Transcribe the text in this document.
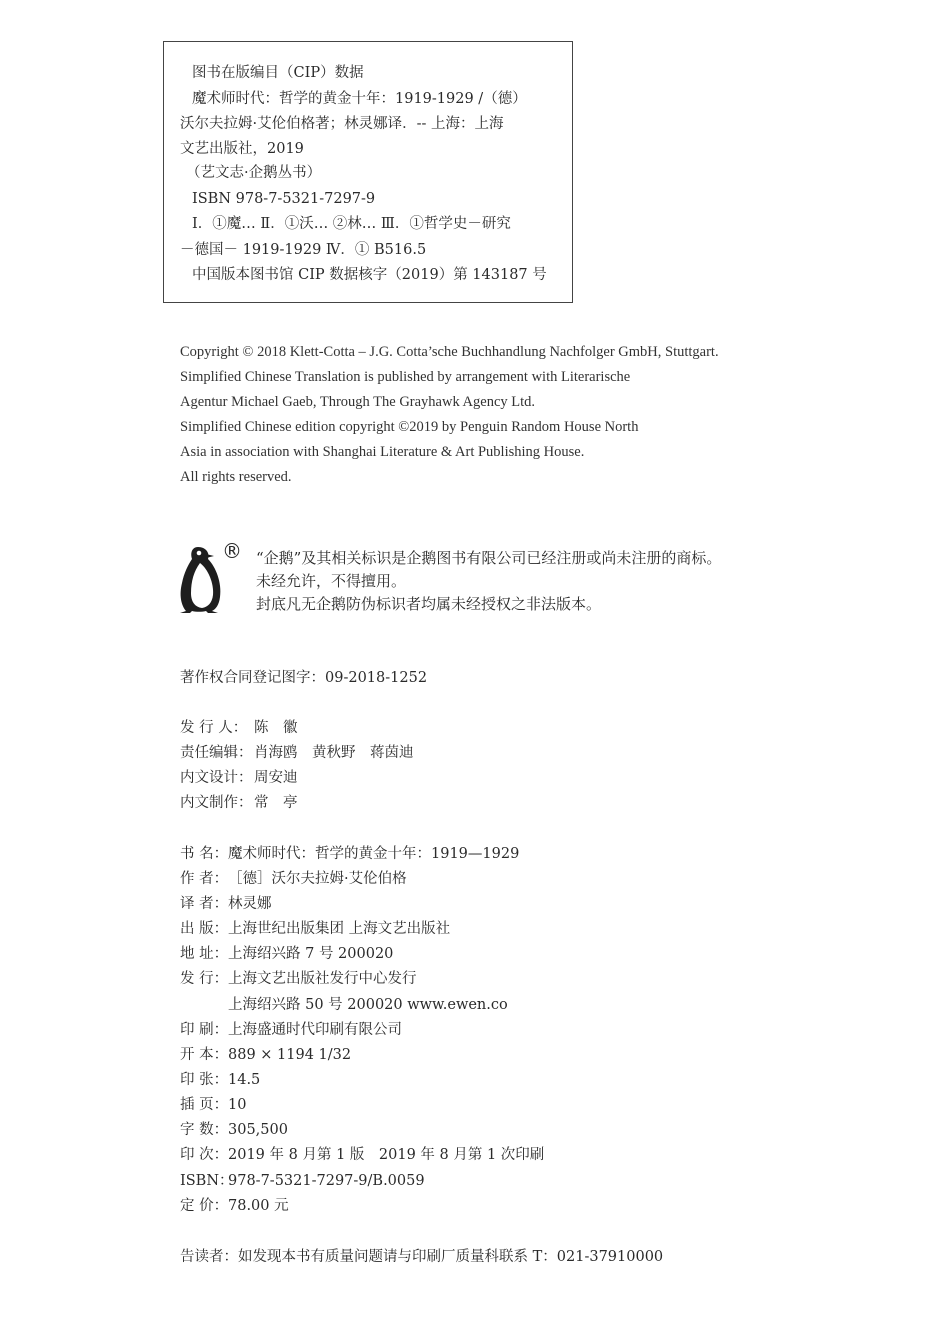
图书在版编目（CIP）数据
魔术师时代：哲学的黄金十年：1919-1929 /（德）
沃尔夫拉姆·艾伦伯格著；林灵娜译．-- 上海：上海
文艺出版社，2019
（艺文志·企鹅丛书）
ISBN 978-7-5321-7297-9
Ⅰ．①魔… Ⅱ．①沃… ②林… Ⅲ．①哲学史－研究
－德国－ 1919-1929 Ⅳ．① B516.5
中国版本图书馆 CIP 数据核字（2019）第 143187 号
Copyright © 2018 Klett-Cotta – J.G. Cotta’sche Buchhandlung Nachfolger GmbH, Stuttgart.
Simplified Chinese Translation is published by arrangement with Literarische
Agentur Michael Gaeb, Through The Grayhawk Agency Ltd.
Simplified Chinese edition copyright ©2019 by Penguin Random House North
Asia in association with Shanghai Literature & Art Publishing House.
All rights reserved.
® “企鹅”及其相关标识是企鹅图书有限公司已经注册或尚未注册的商标。
未经允许，不得擅用。
封底凡无企鹅防伪标识者均属未经授权之非法版本。
著作权合同登记图字：09-2018-1252
发 行 人： 陈　徽
责任编辑： 肖海鸥　黄秋野　蒋茵迪
内文设计： 周安迪
内文制作： 常　亭
书 名：魔术师时代：哲学的黄金十年：1919—1929
作 者：［德］沃尔夫拉姆·艾伦伯格
译 者：林灵娜
出 版：上海世纪出版集团 上海文艺出版社
地 址：上海绍兴路 7 号 200020
发 行：上海文艺出版社发行中心发行
上海绍兴路 50 号 200020 www.ewen.co
印 刷：上海盛通时代印刷有限公司
开 本：889 × 1194 1/32
印 张：14.5
插 页：10
字 数：305,500
印 次：2019 年 8 月第 1 版　2019 年 8 月第 1 次印刷
ISBN：978-7-5321-7297-9/B.0059
定 价：78.00 元
告读者：如发现本书有质量问题请与印刷厂质量科联系 T：021-37910000
